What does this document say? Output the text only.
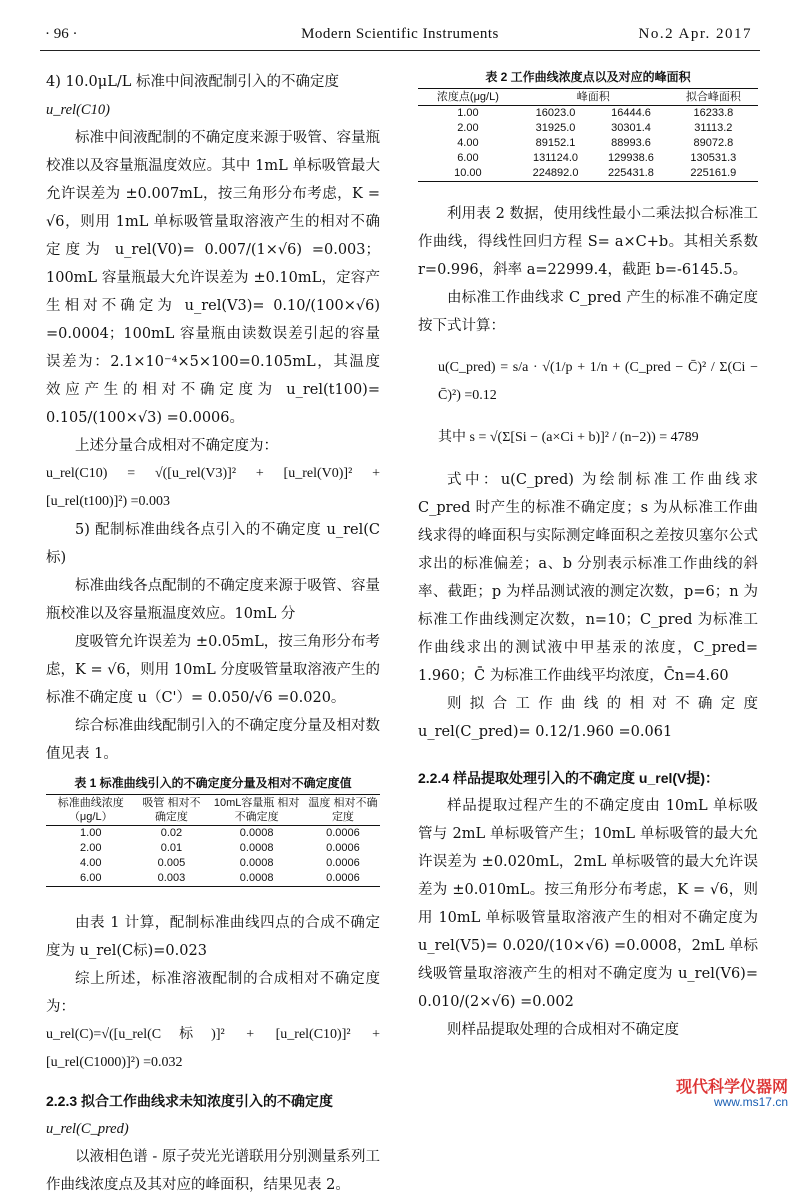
· 96 ·	Modern Scientific Instruments	No.2 Apr. 2017

4) 10.0μL/L 标准中间液配制引入的不确定度

u_rel(C10)

标准中间液配制的不确定度来源于吸管、容量瓶校准以及容量瓶温度效应。其中 1mL 单标吸管最大允许误差为 ±0.007mL，按三角形分布考虑，K = √6，则用 1mL 单标吸管量取溶液产生的相对不确定度为 u_rel(V0)= 0.007/(1×√6) =0.003；100mL 容量瓶最大允许误差为 ±0.10mL，定容产生相对不确定为 u_rel(V3)= 0.10/(100×√6) =0.0004；100mL 容量瓶由读数误差引起的容量误差为：2.1×10⁻⁴×5×100=0.105mL，其温度效应产生的相对不确定度为 u_rel(t100)= 0.105/(100×√3) =0.0006。

上述分量合成相对不确定度为：

u_rel(C10) = √([u_rel(V3)]² + [u_rel(V0)]² + [u_rel(t100)]²) =0.003

5) 配制标准曲线各点引入的不确定度 u_rel(C标)

标准曲线各点配制的不确定度来源于吸管、容量瓶校准以及容量瓶温度效应。10mL 分

度吸管允许误差为 ±0.05mL，按三角形分布考虑，K = √6，则用 10mL 分度吸管量取溶液产生的标准不确定度 u（C'）= 0.050/√6 =0.020。

综合标准曲线配制引入的不确定度分量及相对数值见表 1。

表 1 标准曲线引入的不确定度分量及相对不确定度值
标准曲线浓度（μg/L）	吸管 相对不确定度	10mL容量瓶 相对不确定度	温度 相对不确定度
1.00	0.02	0.0008	0.0006
2.00	0.01	0.0008	0.0006
4.00	0.005	0.0008	0.0006
6.00	0.003	0.0008	0.0006

由表 1 计算，配制标准曲线四点的合成不确定度为 u_rel(C标)=0.023

综上所述，标准溶液配制的合成相对不确定度为：

u_rel(C)=√([u_rel(C标)]² + [u_rel(C10)]² + [u_rel(C1000)]²) =0.032

2.2.3 拟合工作曲线求未知浓度引入的不确定度

u_rel(C_pred)

以液相色谱 - 原子荧光光谱联用分别测量系列工作曲线浓度点及其对应的峰面积，结果见表 2。

表 2 工作曲线浓度点以及对应的峰面积
浓度点(μg/L)	峰面积		拟合峰面积
1.00	16023.0	16444.6	16233.8
2.00	31925.0	30301.4	31113.2
4.00	89152.1	88993.6	89072.8
6.00	131124.0	129938.6	130531.3
10.00	224892.0	225431.8	225161.9

利用表 2 数据，使用线性最小二乘法拟合标准工作曲线，得线性回归方程 S= a×C+b。其相关系数 r=0.996，斜率 a=22999.4，截距 b=-6145.5。

由标准工作曲线求 C_pred 产生的标准不确定度按下式计算：

u(C_pred) = s/a · √(1/p + 1/n + (C_pred − C̄)² / Σ(Ci − C̄)²) =0.12

其中 s = √(Σ[Si − (a×Ci + b)]² / (n−2)) = 4789

式中：u(C_pred) 为绘制标准工作曲线求 C_pred 时产生的标准不确定度；s 为从标准工作曲线求得的峰面积与实际测定峰面积之差按贝塞尔公式求出的标准偏差；a、b 分别表示标准工作曲线的斜率、截距；p 为样品测试液的测定次数，p=6；n 为标准工作曲线测定次数，n=10；C_pred 为标准工作曲线求出的测试液中甲基汞的浓度，C_pred= 1.960；C̄ 为标准工作曲线平均浓度，C̄n=4.60

则拟合工作曲线的相对不确定度 u_rel(C_pred)= 0.12/1.960 =0.061

2.2.4 样品提取处理引入的不确定度 u_rel(V提)：

样品提取过程产生的不确定度由 10mL 单标吸管与 2mL 单标吸管产生；10mL 单标吸管的最大允许误差为 ±0.020mL，2mL 单标吸管的最大允许误差为 ±0.010mL。按三角形分布考虑，K = √6，则用 10mL 单标吸管量取溶液产生的相对不确定度为 u_rel(V5)= 0.020/(10×√6) =0.0008，2mL 单标线吸管量取溶液产生的相对不确定度为 u_rel(V6)= 0.010/(2×√6) =0.002

则样品提取处理的合成相对不确定度

现代科学仪器网
www.ms17.cn
